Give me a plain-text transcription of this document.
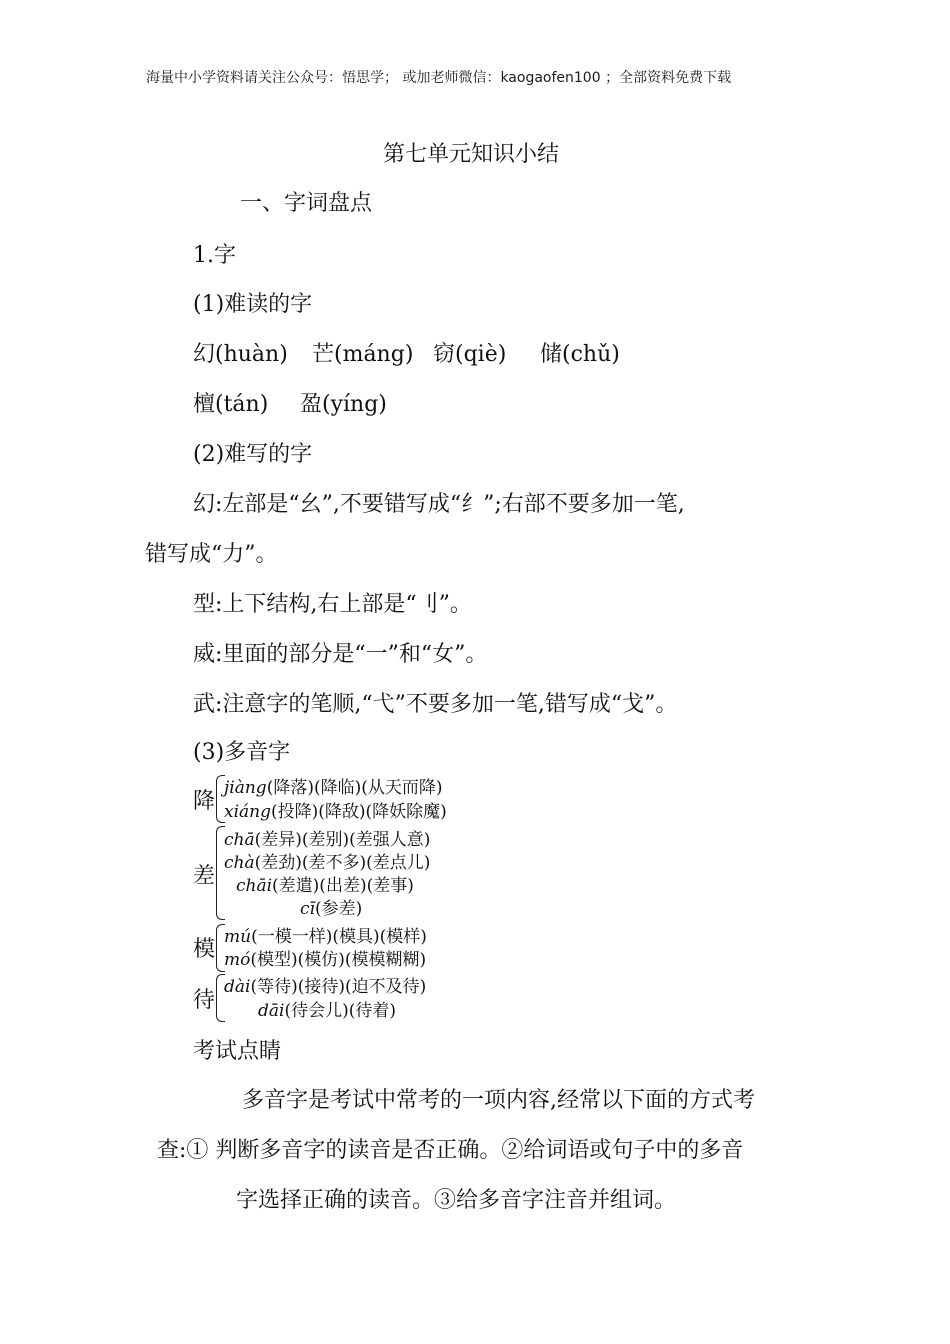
海量中小学资料请关注公众号：悟思学； 或加老师微信：kaogaofen100 ；全部资料免费下载
第七单元知识小结
一、字词盘点
1.字
(1)难读的字
幻(huàn) 芒(máng) 窃(qiè) 储(chǔ)
檀(tán) 盈(yíng)
(2)难写的字
幻:左部是“幺”,不要错写成“纟”;右部不要多加一笔,
错写成“力”。
型:上下结构,右上部是“刂”。
威:里面的部分是“一”和“女”。
武:注意字的笔顺,“弋”不要多加一笔,错写成“戈”。
(3)多音字
降
jiàng(降落)(降临)(从天而降)
xiáng(投降)(降敌)(降妖除魔)
差
chā(差异)(差别)(差强人意)
chà(差劲)(差不多)(差点儿)
chāi(差遣)(出差)(差事)
cī(参差)
模 mú(一模一样)(模具)(模样)
mó(模型)(模仿)(模模糊糊)
待
dài(等待)(接待)(迫不及待)
dāi(待会儿)(待着)
考试点睛
多音字是考试中常考的一项内容,经常以下面的方式考
查:① 判断多音字的读音是否正确。②给词语或句子中的多音
字选择正确的读音。③给多音字注音并组词。
